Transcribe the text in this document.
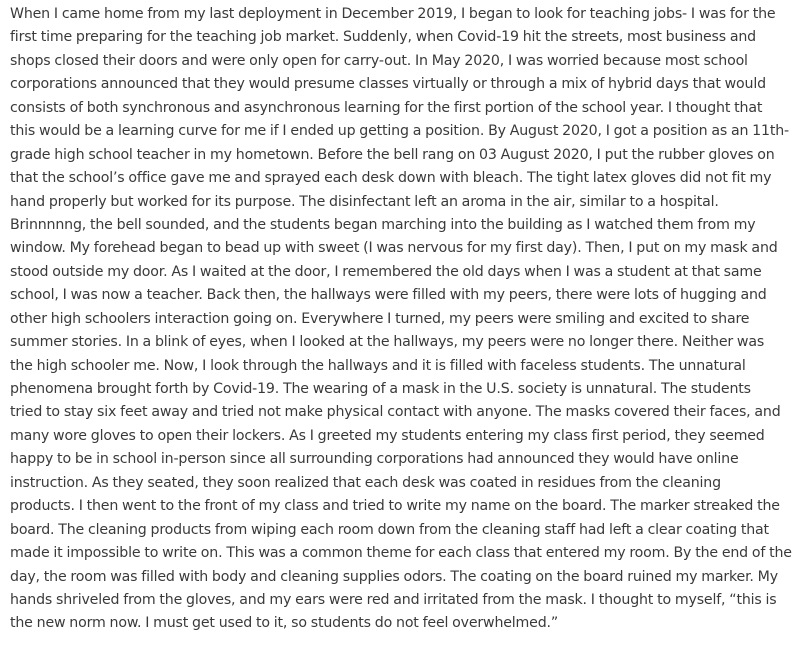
When I came home from my last deployment in December 2019, I began to look for teaching jobs- I was for the
first time preparing for the teaching job market. Suddenly, when Covid-19 hit the streets, most business and
shops closed their doors and were only open for carry-out. In May 2020, I was worried because most school
corporations announced that they would presume classes virtually or through a mix of hybrid days that would
consists of both synchronous and asynchronous learning for the first portion of the school year. I thought that
this would be a learning curve for me if I ended up getting a position. By August 2020, I got a position as an 11th-
grade high school teacher in my hometown. Before the bell rang on 03 August 2020, I put the rubber gloves on
that the school’s office gave me and sprayed each desk down with bleach. The tight latex gloves did not fit my
hand properly but worked for its purpose. The disinfectant left an aroma in the air, similar to a hospital.
Brinnnnng, the bell sounded, and the students began marching into the building as I watched them from my
window. My forehead began to bead up with sweet (I was nervous for my first day). Then, I put on my mask and
stood outside my door. As I waited at the door, I remembered the old days when I was a student at that same
school, I was now a teacher. Back then, the hallways were filled with my peers, there were lots of hugging and
other high schoolers interaction going on. Everywhere I turned, my peers were smiling and excited to share
summer stories. In a blink of eyes, when I looked at the hallways, my peers were no longer there. Neither was
the high schooler me. Now, I look through the hallways and it is filled with faceless students. The unnatural
phenomena brought forth by Covid-19. The wearing of a mask in the U.S. society is unnatural. The students
tried to stay six feet away and tried not make physical contact with anyone. The masks covered their faces, and
many wore gloves to open their lockers. As I greeted my students entering my class first period, they seemed
happy to be in school in-person since all surrounding corporations had announced they would have online
instruction. As they seated, they soon realized that each desk was coated in residues from the cleaning
products. I then went to the front of my class and tried to write my name on the board. The marker streaked the
board. The cleaning products from wiping each room down from the cleaning staff had left a clear coating that
made it impossible to write on. This was a common theme for each class that entered my room. By the end of the
day, the room was filled with body and cleaning supplies odors. The coating on the board ruined my marker. My
hands shriveled from the gloves, and my ears were red and irritated from the mask. I thought to myself, “this is
the new norm now. I must get used to it, so students do not feel overwhelmed.”
